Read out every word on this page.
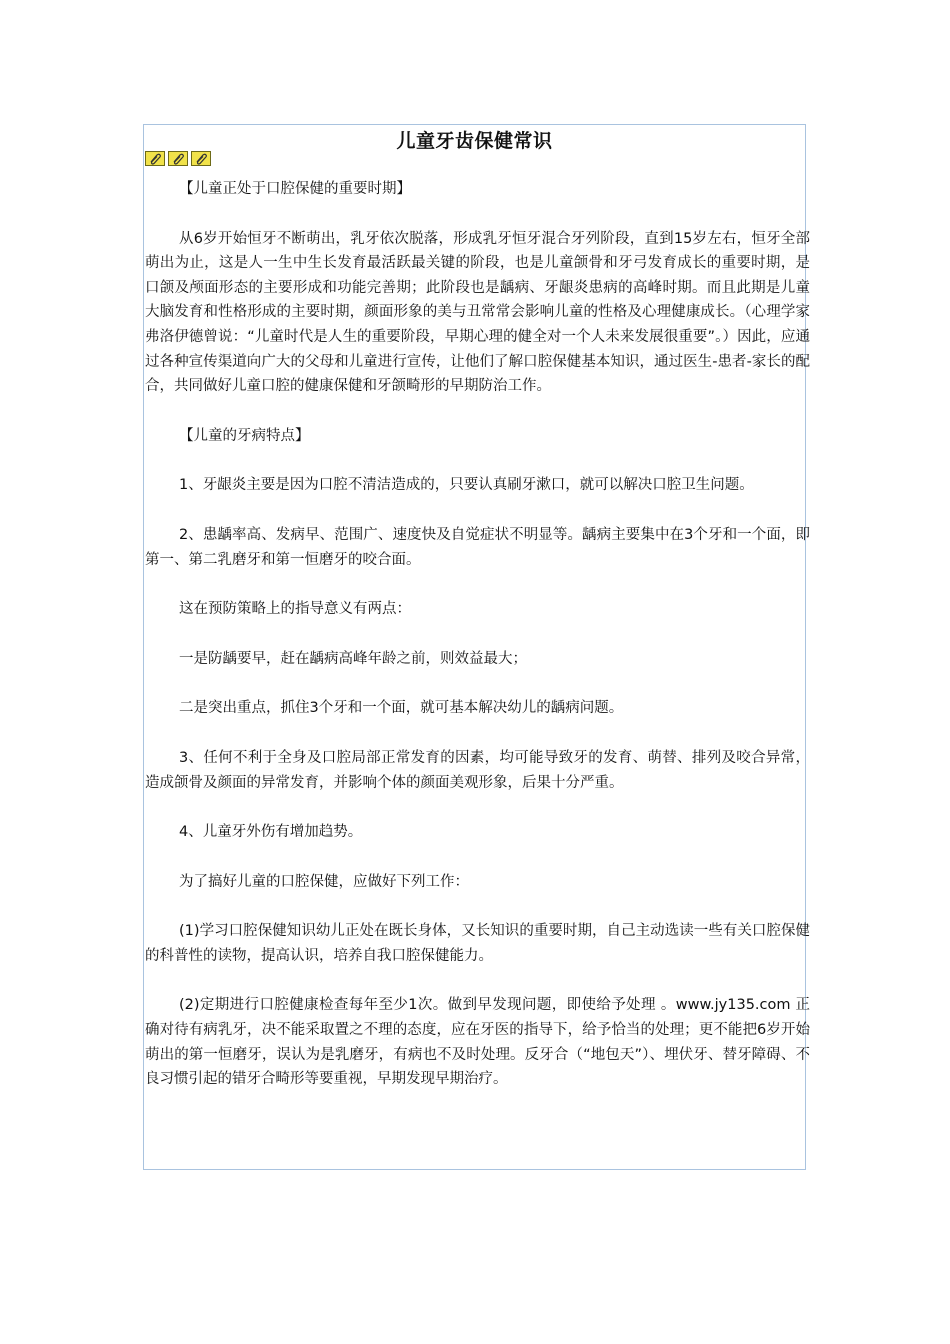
儿童牙齿保健常识

【儿童正处于口腔保健的重要时期】

从6岁开始恒牙不断萌出，乳牙依次脱落，形成乳牙恒牙混合牙列阶段，直到15岁左右，恒牙全部萌出为止，这是人一生中生长发育最活跃最关键的阶段，也是儿童颌骨和牙弓发育成长的重要时期，是口颌及颅面形态的主要形成和功能完善期；此阶段也是龋病、牙龈炎患病的高峰时期。而且此期是儿童大脑发育和性格形成的主要时期，颜面形象的美与丑常常会影响儿童的性格及心理健康成长。（心理学家弗洛伊德曾说：“儿童时代是人生的重要阶段，早期心理的健全对一个人未来发展很重要”。）因此，应通过各种宣传渠道向广大的父母和儿童进行宣传，让他们了解口腔保健基本知识，通过医生-患者-家长的配合，共同做好儿童口腔的健康保健和牙颌畸形的早期防治工作。

【儿童的牙病特点】

1、牙龈炎主要是因为口腔不清洁造成的，只要认真刷牙漱口，就可以解决口腔卫生问题。

2、患龋率高、发病早、范围广、速度快及自觉症状不明显等。龋病主要集中在3个牙和一个面，即第一、第二乳磨牙和第一恒磨牙的咬合面。

这在预防策略上的指导意义有两点：

一是防龋要早，赶在龋病高峰年龄之前，则效益最大；

二是突出重点，抓住3个牙和一个面，就可基本解决幼儿的龋病问题。

3、任何不利于全身及口腔局部正常发育的因素，均可能导致牙的发育、萌替、排列及咬合异常，造成颌骨及颜面的异常发育，并影响个体的颜面美观形象，后果十分严重。

4、儿童牙外伤有增加趋势。

为了搞好儿童的口腔保健，应做好下列工作：

(1)学习口腔保健知识幼儿正处在既长身体，又长知识的重要时期，自己主动选读一些有关口腔保健的科普性的读物，提高认识，培养自我口腔保健能力。

(2)定期进行口腔健康检查每年至少1次。做到早发现问题，即使给予处理 。www.jy135.com 正确对待有病乳牙，决不能采取置之不理的态度，应在牙医的指导下，给予恰当的处理；更不能把6岁开始萌出的第一恒磨牙，误认为是乳磨牙，有病也不及时处理。反牙合（“地包天”）、埋伏牙、替牙障碍、不良习惯引起的错牙合畸形等要重视，早期发现早期治疗。
